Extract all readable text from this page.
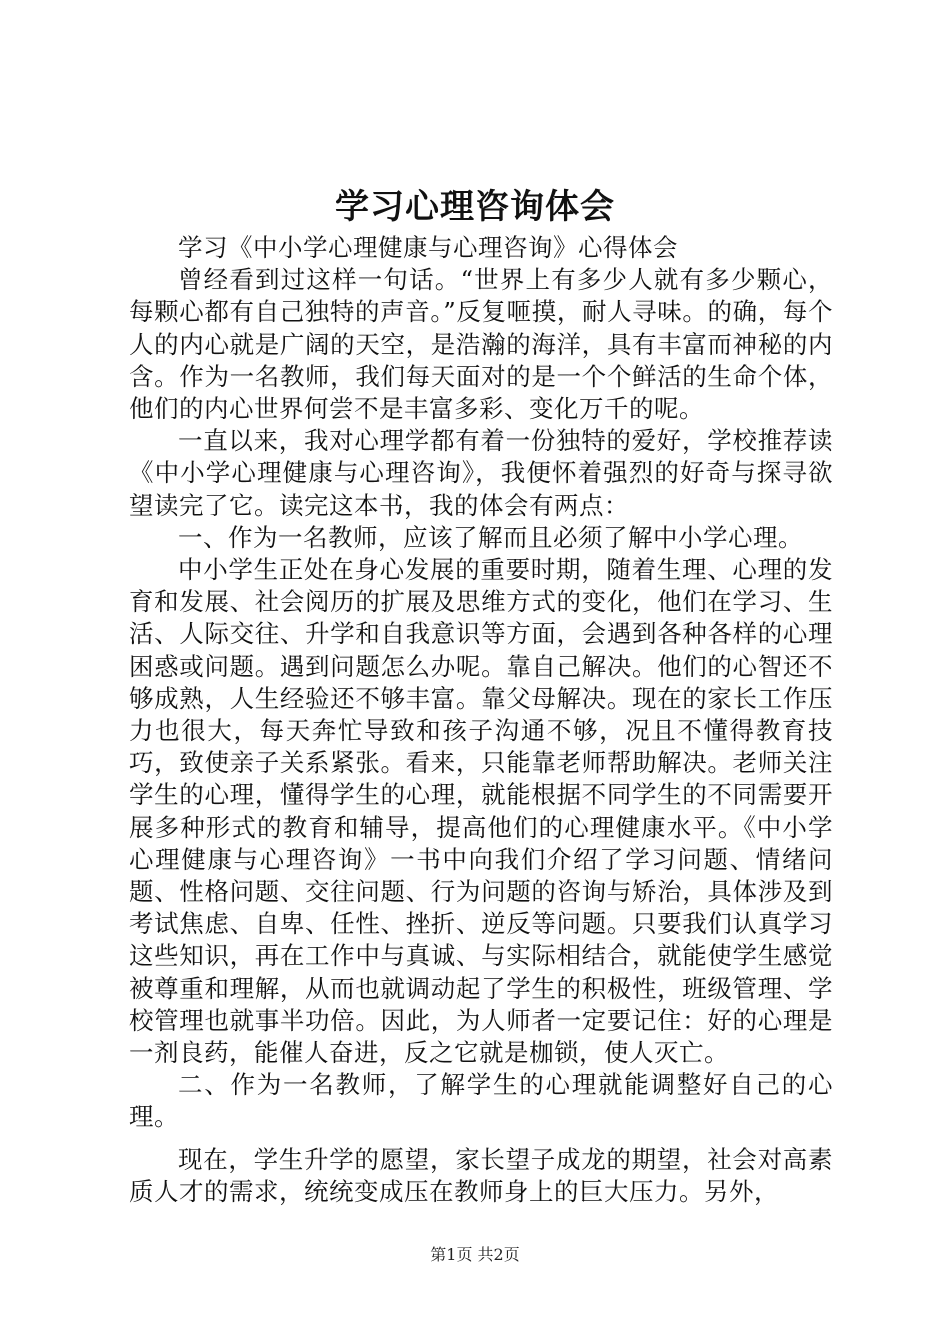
学习心理咨询体会

学习《中小学心理健康与心理咨询》心得体会

曾经看到过这样一句话。“世界上有多少人就有多少颗心，每颗心都有自己独特的声音。”反复咂摸，耐人寻味。的确，每个人的内心就是广阔的天空，是浩瀚的海洋，具有丰富而神秘的内含。作为一名教师，我们每天面对的是一个个鲜活的生命个体，他们的内心世界何尝不是丰富多彩、变化万千的呢。

一直以来，我对心理学都有着一份独特的爱好，学校推荐读《中小学心理健康与心理咨询》，我便怀着强烈的好奇与探寻欲望读完了它。读完这本书，我的体会有两点：

一、作为一名教师，应该了解而且必须了解中小学心理。

中小学生正处在身心发展的重要时期，随着生理、心理的发育和发展、社会阅历的扩展及思维方式的变化，他们在学习、生活、人际交往、升学和自我意识等方面，会遇到各种各样的心理困惑或问题。遇到问题怎么办呢。靠自己解决。他们的心智还不够成熟，人生经验还不够丰富。靠父母解决。现在的家长工作压力也很大，每天奔忙导致和孩子沟通不够，况且不懂得教育技巧，致使亲子关系紧张。看来，只能靠老师帮助解决。老师关注学生的心理，懂得学生的心理，就能根据不同学生的不同需要开展多种形式的教育和辅导，提高他们的心理健康水平。《中小学心理健康与心理咨询》一书中向我们介绍了学习问题、情绪问题、性格问题、交往问题、行为问题的咨询与矫治，具体涉及到考试焦虑、自卑、任性、挫折、逆反等问题。只要我们认真学习这些知识，再在工作中与真诚、与实际相结合，就能使学生感觉被尊重和理解，从而也就调动起了学生的积极性，班级管理、学校管理也就事半功倍。因此，为人师者一定要记住：好的心理是一剂良药，能催人奋进，反之它就是枷锁，使人灭亡。

二、作为一名教师，了解学生的心理就能调整好自己的心理。

现在，学生升学的愿望，家长望子成龙的期望，社会对高素质人才的需求，统统变成压在教师身上的巨大压力。另外，

第1页 共2页
